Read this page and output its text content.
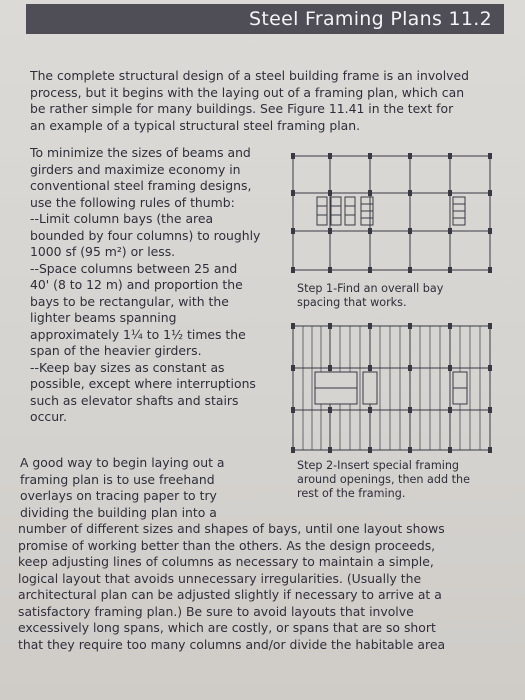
Steel Framing Plans 11.2
The complete structural design of a steel building frame is an involved
process, but it begins with the laying out of a framing plan, which can
be rather simple for many buildings. See Figure 11.41 in the text for
an example of a typical structural steel framing plan.
To minimize the sizes of beams and
girders and maximize economy in
conventional steel framing designs,
use the following rules of thumb:
--Limit column bays (the area
bounded by four columns) to roughly
1000 sf (95 m²) or less.
--Space columns between 25 and
40' (8 to 12 m) and proportion the
bays to be rectangular, with the
lighter beams spanning
approximately 1¼ to 1½ times the
span of the heavier girders.
--Keep bay sizes as constant as
possible, except where interruptions
such as elevator shafts and stairs
occur.
Step 1-Find an overall bay
spacing that works.
Step 2-Insert special framing
around openings, then add the
rest of the framing.
A good way to begin laying out a
framing plan is to use freehand
overlays on tracing paper to try
dividing the building plan into a
number of different sizes and shapes of bays, until one layout shows
promise of working better than the others. As the design proceeds,
keep adjusting lines of columns as necessary to maintain a simple,
logical layout that avoids unnecessary irregularities. (Usually the
architectural plan can be adjusted slightly if necessary to arrive at a
satisfactory framing plan.) Be sure to avoid layouts that involve
excessively long spans, which are costly, or spans that are so short
that they require too many columns and/or divide the habitable area
